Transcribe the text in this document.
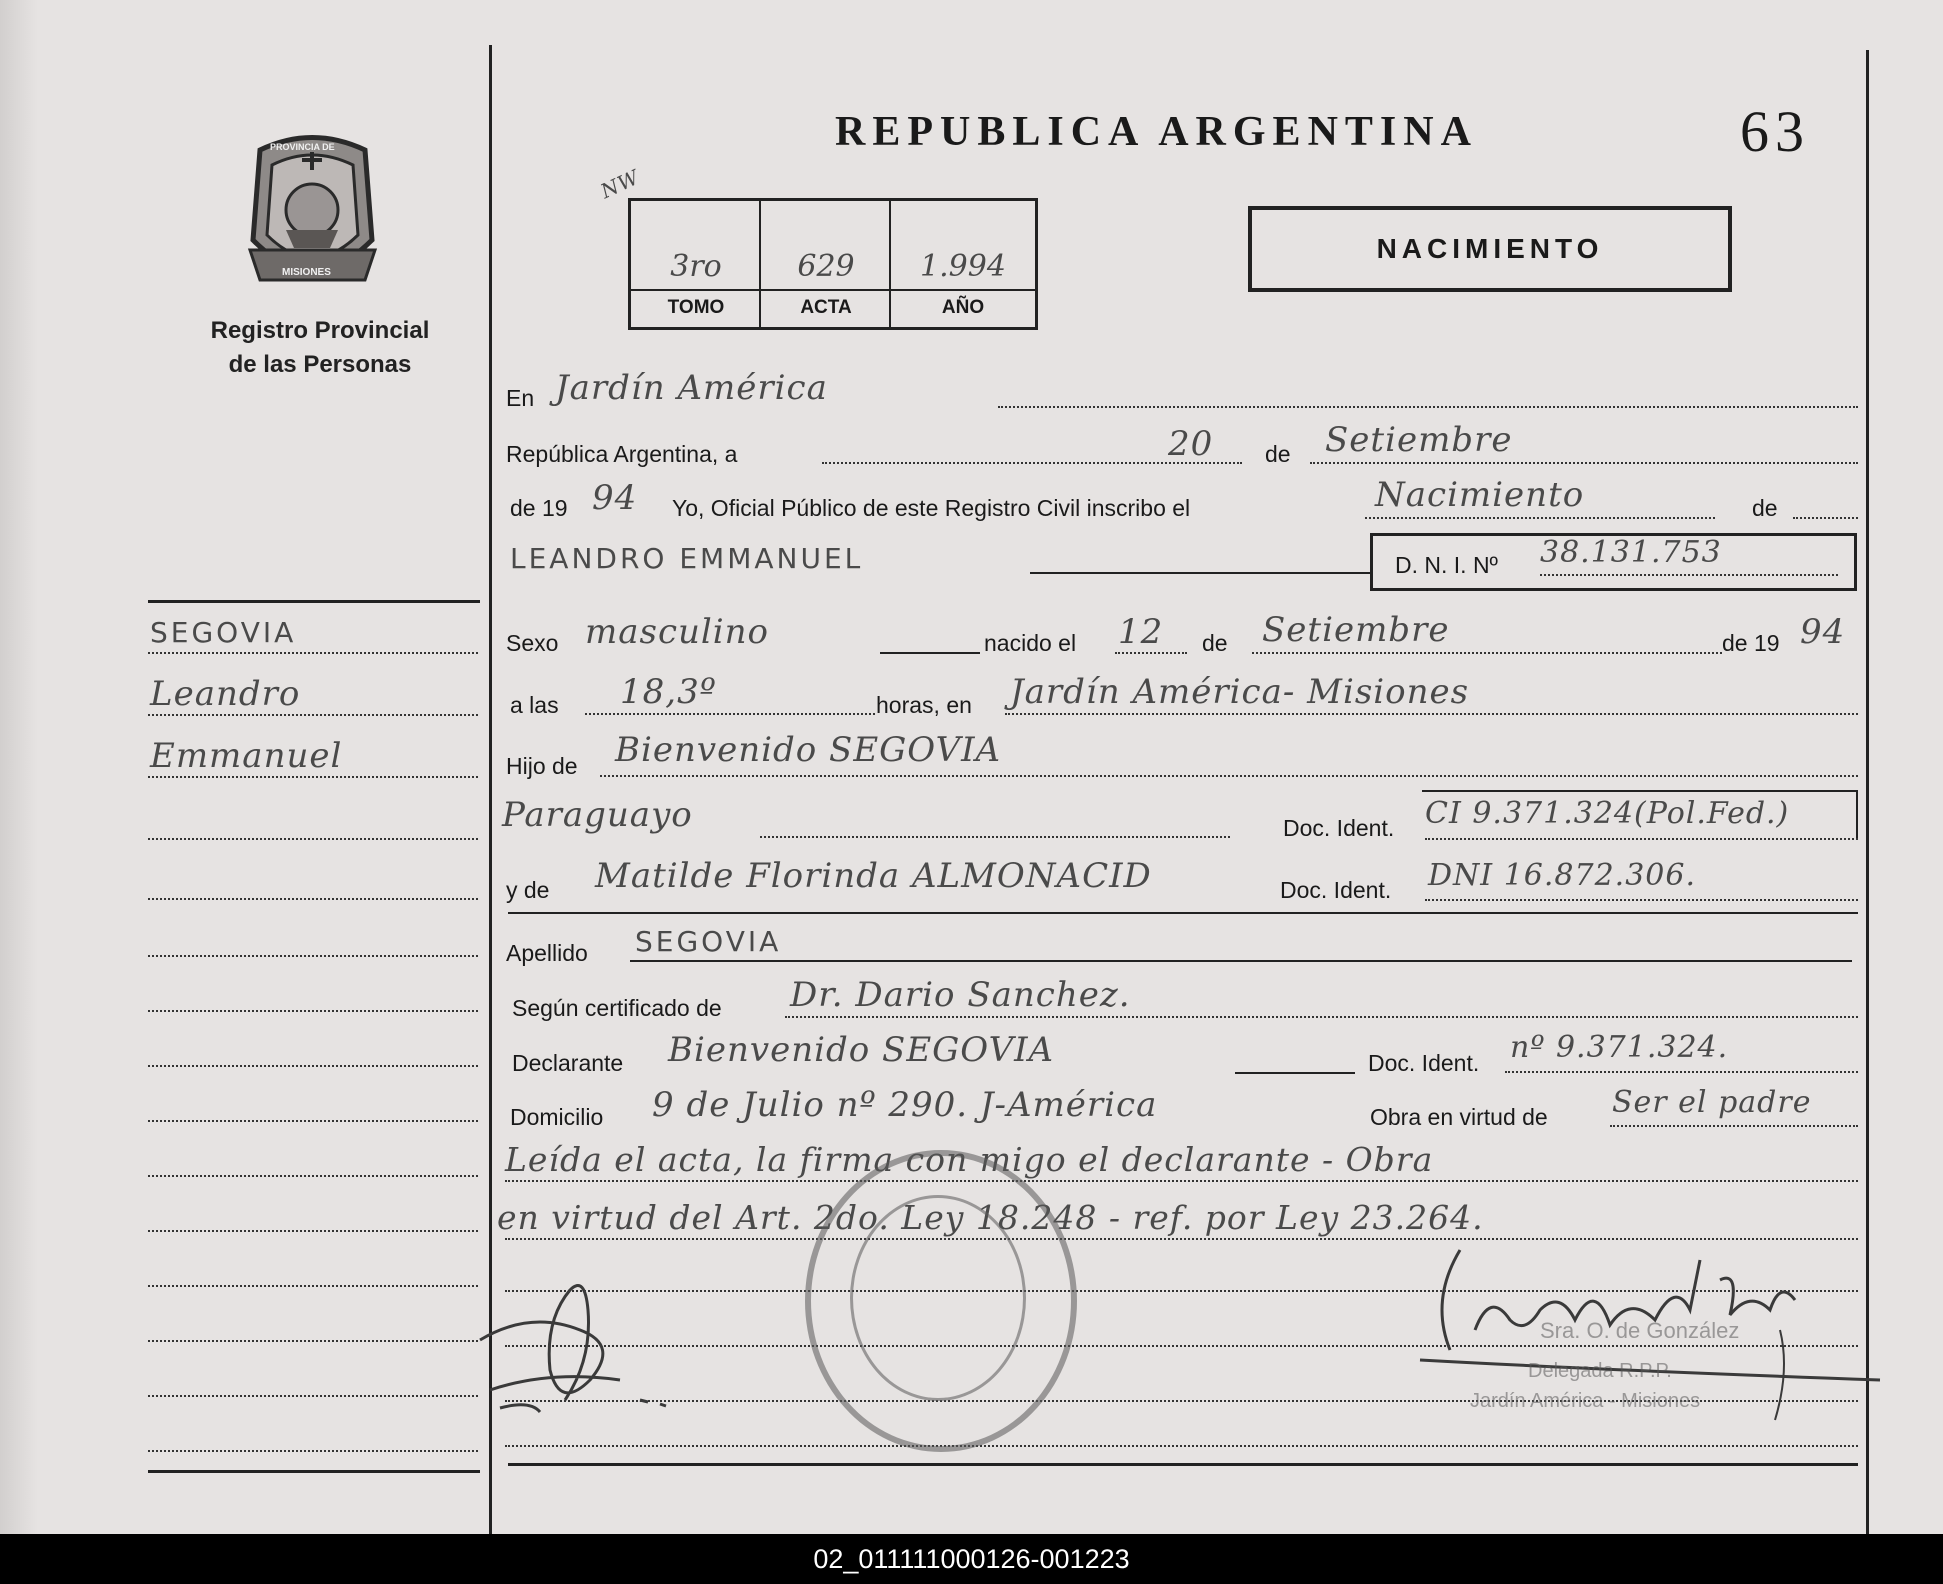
PROVINCIA DE
MISIONES
Registro Provincial
de las Personas
REPUBLICA ARGENTINA	63
NACIMIENTO
NW
3ro	629	1.994
TOMO	ACTA	AÑO
SEGOVIA
Leandro
Emmanuel
En Jardín América
República Argentina, a	20 de Setiembre
de 19 94 Yo, Oficial Público de este Registro Civil inscribo el	Nacimiento	de
LEANDRO EMMANUEL	D. N. I. Nº 38.131.753
Sexo masculino	nacido el 12 de Setiembre	de 19 94
a las 18,3º	horas, en Jardín América- Misiones
Hijo de Bienvenido SEGOVIA
Paraguayo	Doc. Ident. CI 9.371.324(Pol.Fed.)
y de Matilde Florinda ALMONACID	Doc. Ident. DNI 16.872.306.
Apellido SEGOVIA
Según certificado de Dr. Dario Sanchez.
Declarante Bienvenido SEGOVIA	Doc. Ident. nº 9.371.324.
Domicilio 9 de Julio nº 290. J-América	Obra en virtud de Ser el padre
Leída el acta, la firma con migo el declarante - Obra
en virtud del Art. 2do. Ley 18.248 - ref. por Ley 23.264.
Sra. O. de González
Delegada R.P.P.
Jardín América - Misiones
02_011111000126-001223
